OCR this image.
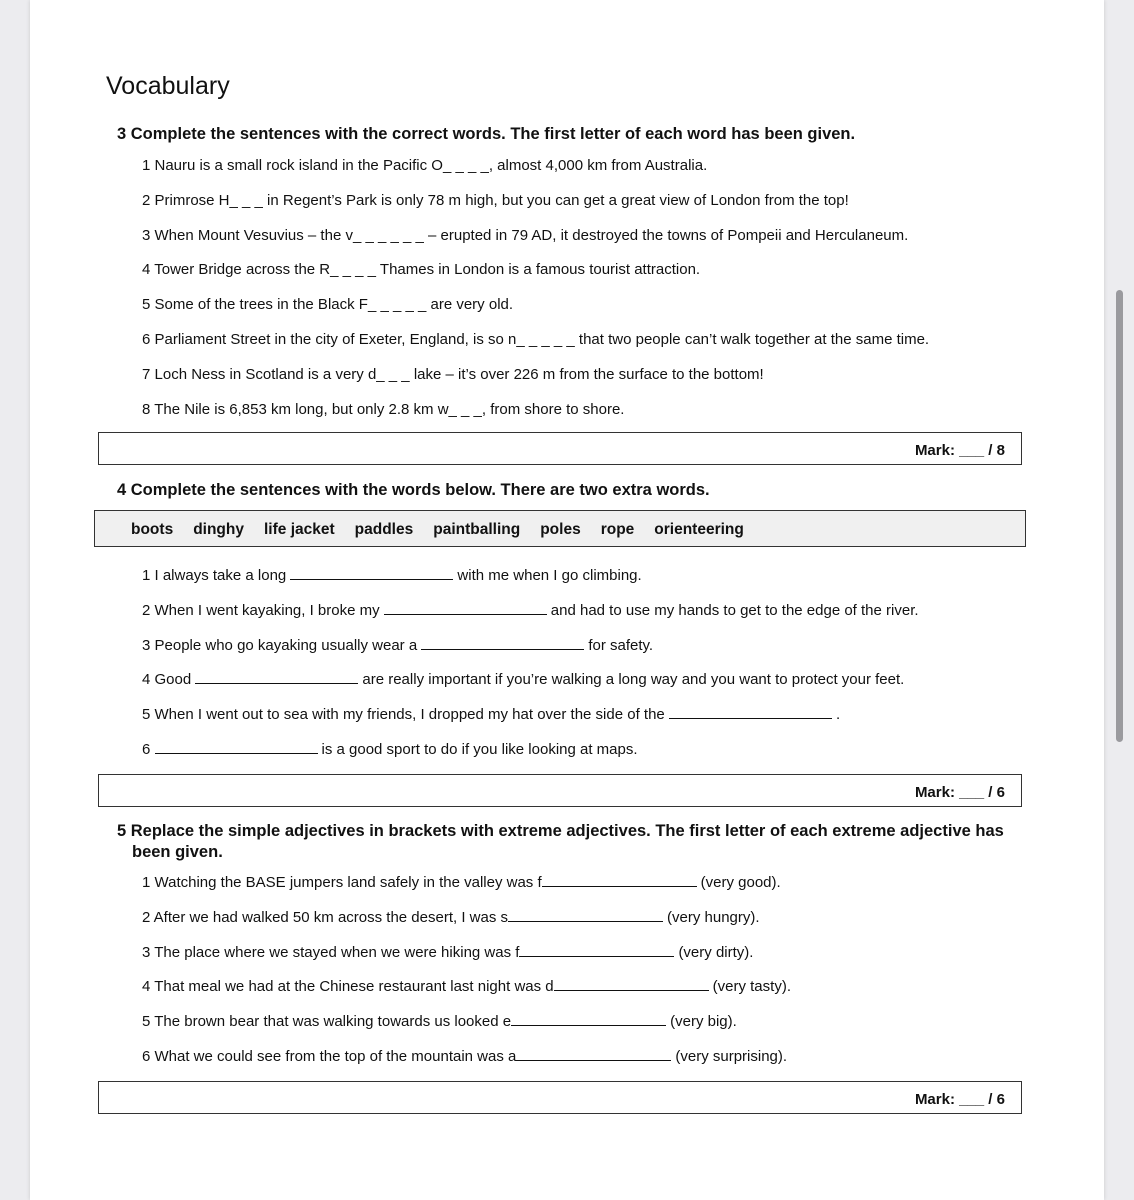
Vocabulary
3 Complete the sentences with the correct words. The first letter of each word has been given.
Mark: ___ / 8
4 Complete the sentences with the words below. There are two extra words.
boots dinghy life jacket paddles paintballing poles rope orienteering
Mark: ___ / 6
5 Replace the simple adjectives in brackets with extreme adjectives. The first letter of each extreme adjective has been given.
Mark: ___ / 6
1 Nauru is a small rock island in the Pacific O_ _ _ _, almost 4,000 km from Australia.
2 Primrose H_ _ _ in Regent’s Park is only 78 m high, but you can get a great view of London from the top!
3 When Mount Vesuvius – the v_ _ _ _ _ _ – erupted in 79 AD, it destroyed the towns of Pompeii and Herculaneum.
4 Tower Bridge across the R_ _ _ _ Thames in London is a famous tourist attraction.
5 Some of the trees in the Black F_ _ _ _ _ are very old.
6 Parliament Street in the city of Exeter, England, is so n_ _ _ _ _ that two people can’t walk together at the same time.
7 Loch Ness in Scotland is a very d_ _ _ lake – it’s over 226 m from the surface to the bottom!
8 The Nile is 6,853 km long, but only 2.8 km w_ _ _, from shore to shore.
1 I always take a long	with me when I go climbing.
2 When I went kayaking, I broke my	and had to use my hands to get to the edge of the river.
3 People who go kayaking usually wear a	for safety.
4 Good	are really important if you’re walking a long way and you want to protect your feet.
5 When I went out to sea with my friends, I dropped my hat over the side of the	.
6	is a good sport to do if you like looking at maps.
1 Watching the BASE jumpers land safely in the valley was f	(very good).
2 After we had walked 50 km across the desert, I was s	(very hungry).
3 The place where we stayed when we were hiking was f	(very dirty).
4 That meal we had at the Chinese restaurant last night was d	(very tasty).
5 The brown bear that was walking towards us looked e	(very big).
6 What we could see from the top of the mountain was a	(very surprising).
